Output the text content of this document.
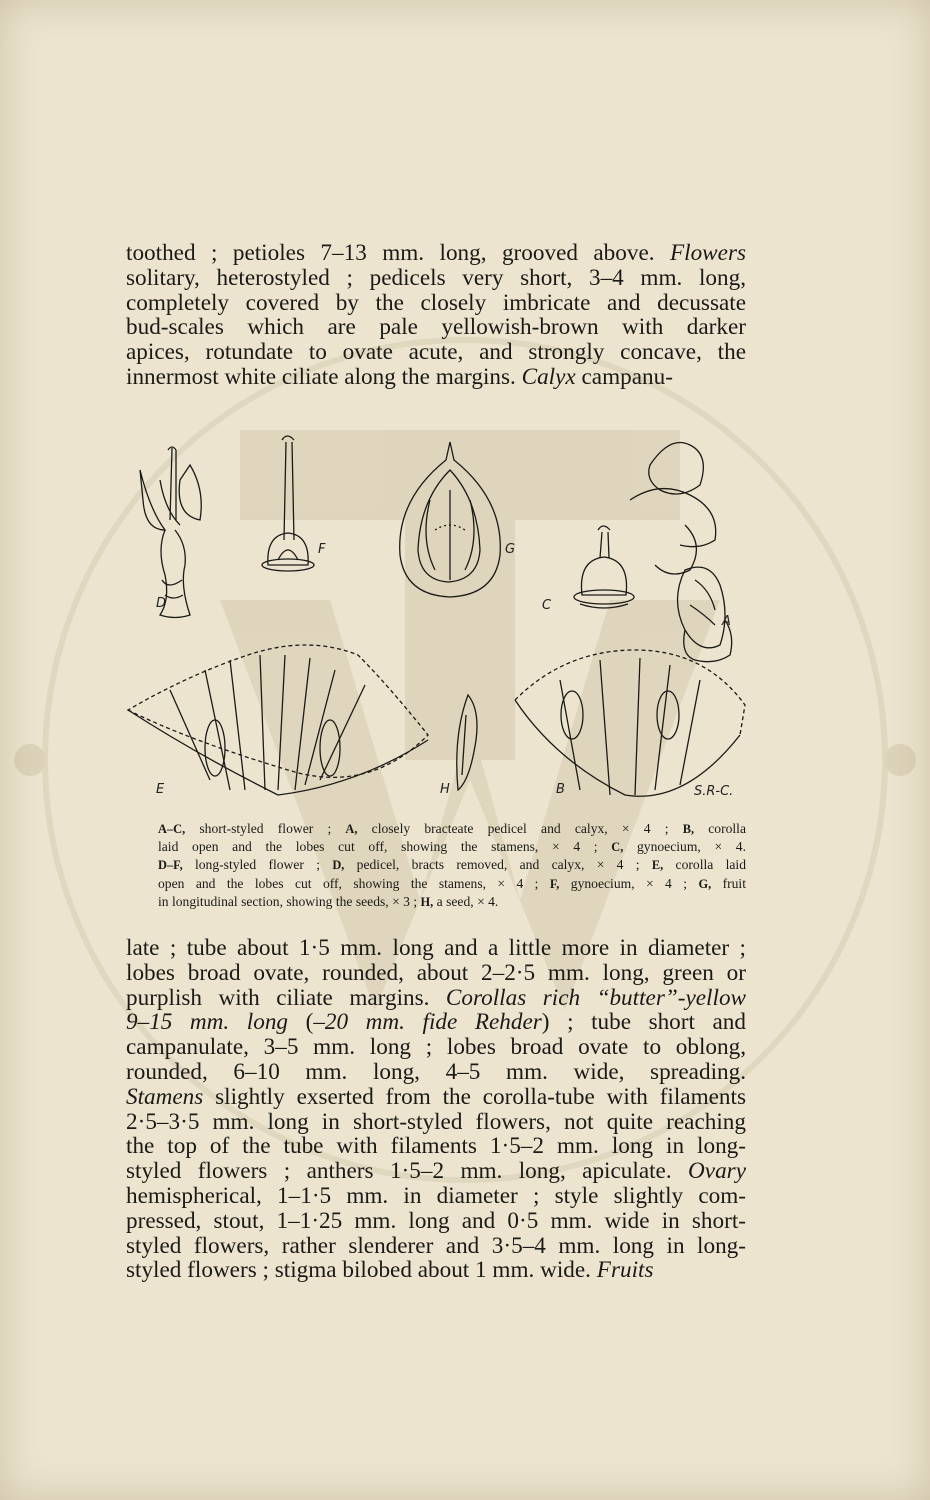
toothed ; petioles 7–13 mm. long, grooved above. Flowers
solitary, heterostyled ; pedicels very short, 3–4 mm. long,
completely covered by the closely imbricate and decussate
bud-scales which are pale yellowish-brown with darker
apices, rotundate to ovate acute, and strongly concave, the
innermost white ciliate along the margins. Calyx campanu-

D
F	G
C
A
E	H	B	S.R-C.

A–C, short-styled flower ; A, closely bracteate pedicel and calyx, × 4 ; B, corolla
laid open and the lobes cut off, showing the stamens, × 4 ; C, gynoecium, × 4.
D–F, long-styled flower ; D, pedicel, bracts removed, and calyx, × 4 ; E, corolla laid
open and the lobes cut off, showing the stamens, × 4 ; F, gynoecium, × 4 ; G, fruit
in longitudinal section, showing the seeds, × 3 ; H, a seed, × 4.

late ; tube about 1·5 mm. long and a little more in diameter ;
lobes broad ovate, rounded, about 2–2·5 mm. long, green or
purplish with ciliate margins. Corollas rich “butter”-yellow
9–15 mm. long (–20 mm. fide Rehder) ; tube short and
campanulate, 3–5 mm. long ; lobes broad ovate to oblong,
rounded, 6–10 mm. long, 4–5 mm. wide, spreading.
Stamens slightly exserted from the corolla-tube with filaments
2·5–3·5 mm. long in short-styled flowers, not quite reaching
the top of the tube with filaments 1·5–2 mm. long in long-
styled flowers ; anthers 1·5–2 mm. long, apiculate. Ovary
hemispherical, 1–1·5 mm. in diameter ; style slightly com-
pressed, stout, 1–1·25 mm. long and 0·5 mm. wide in short-
styled flowers, rather slenderer and 3·5–4 mm. long in long-
styled flowers ; stigma bilobed about 1 mm. wide. Fruits
